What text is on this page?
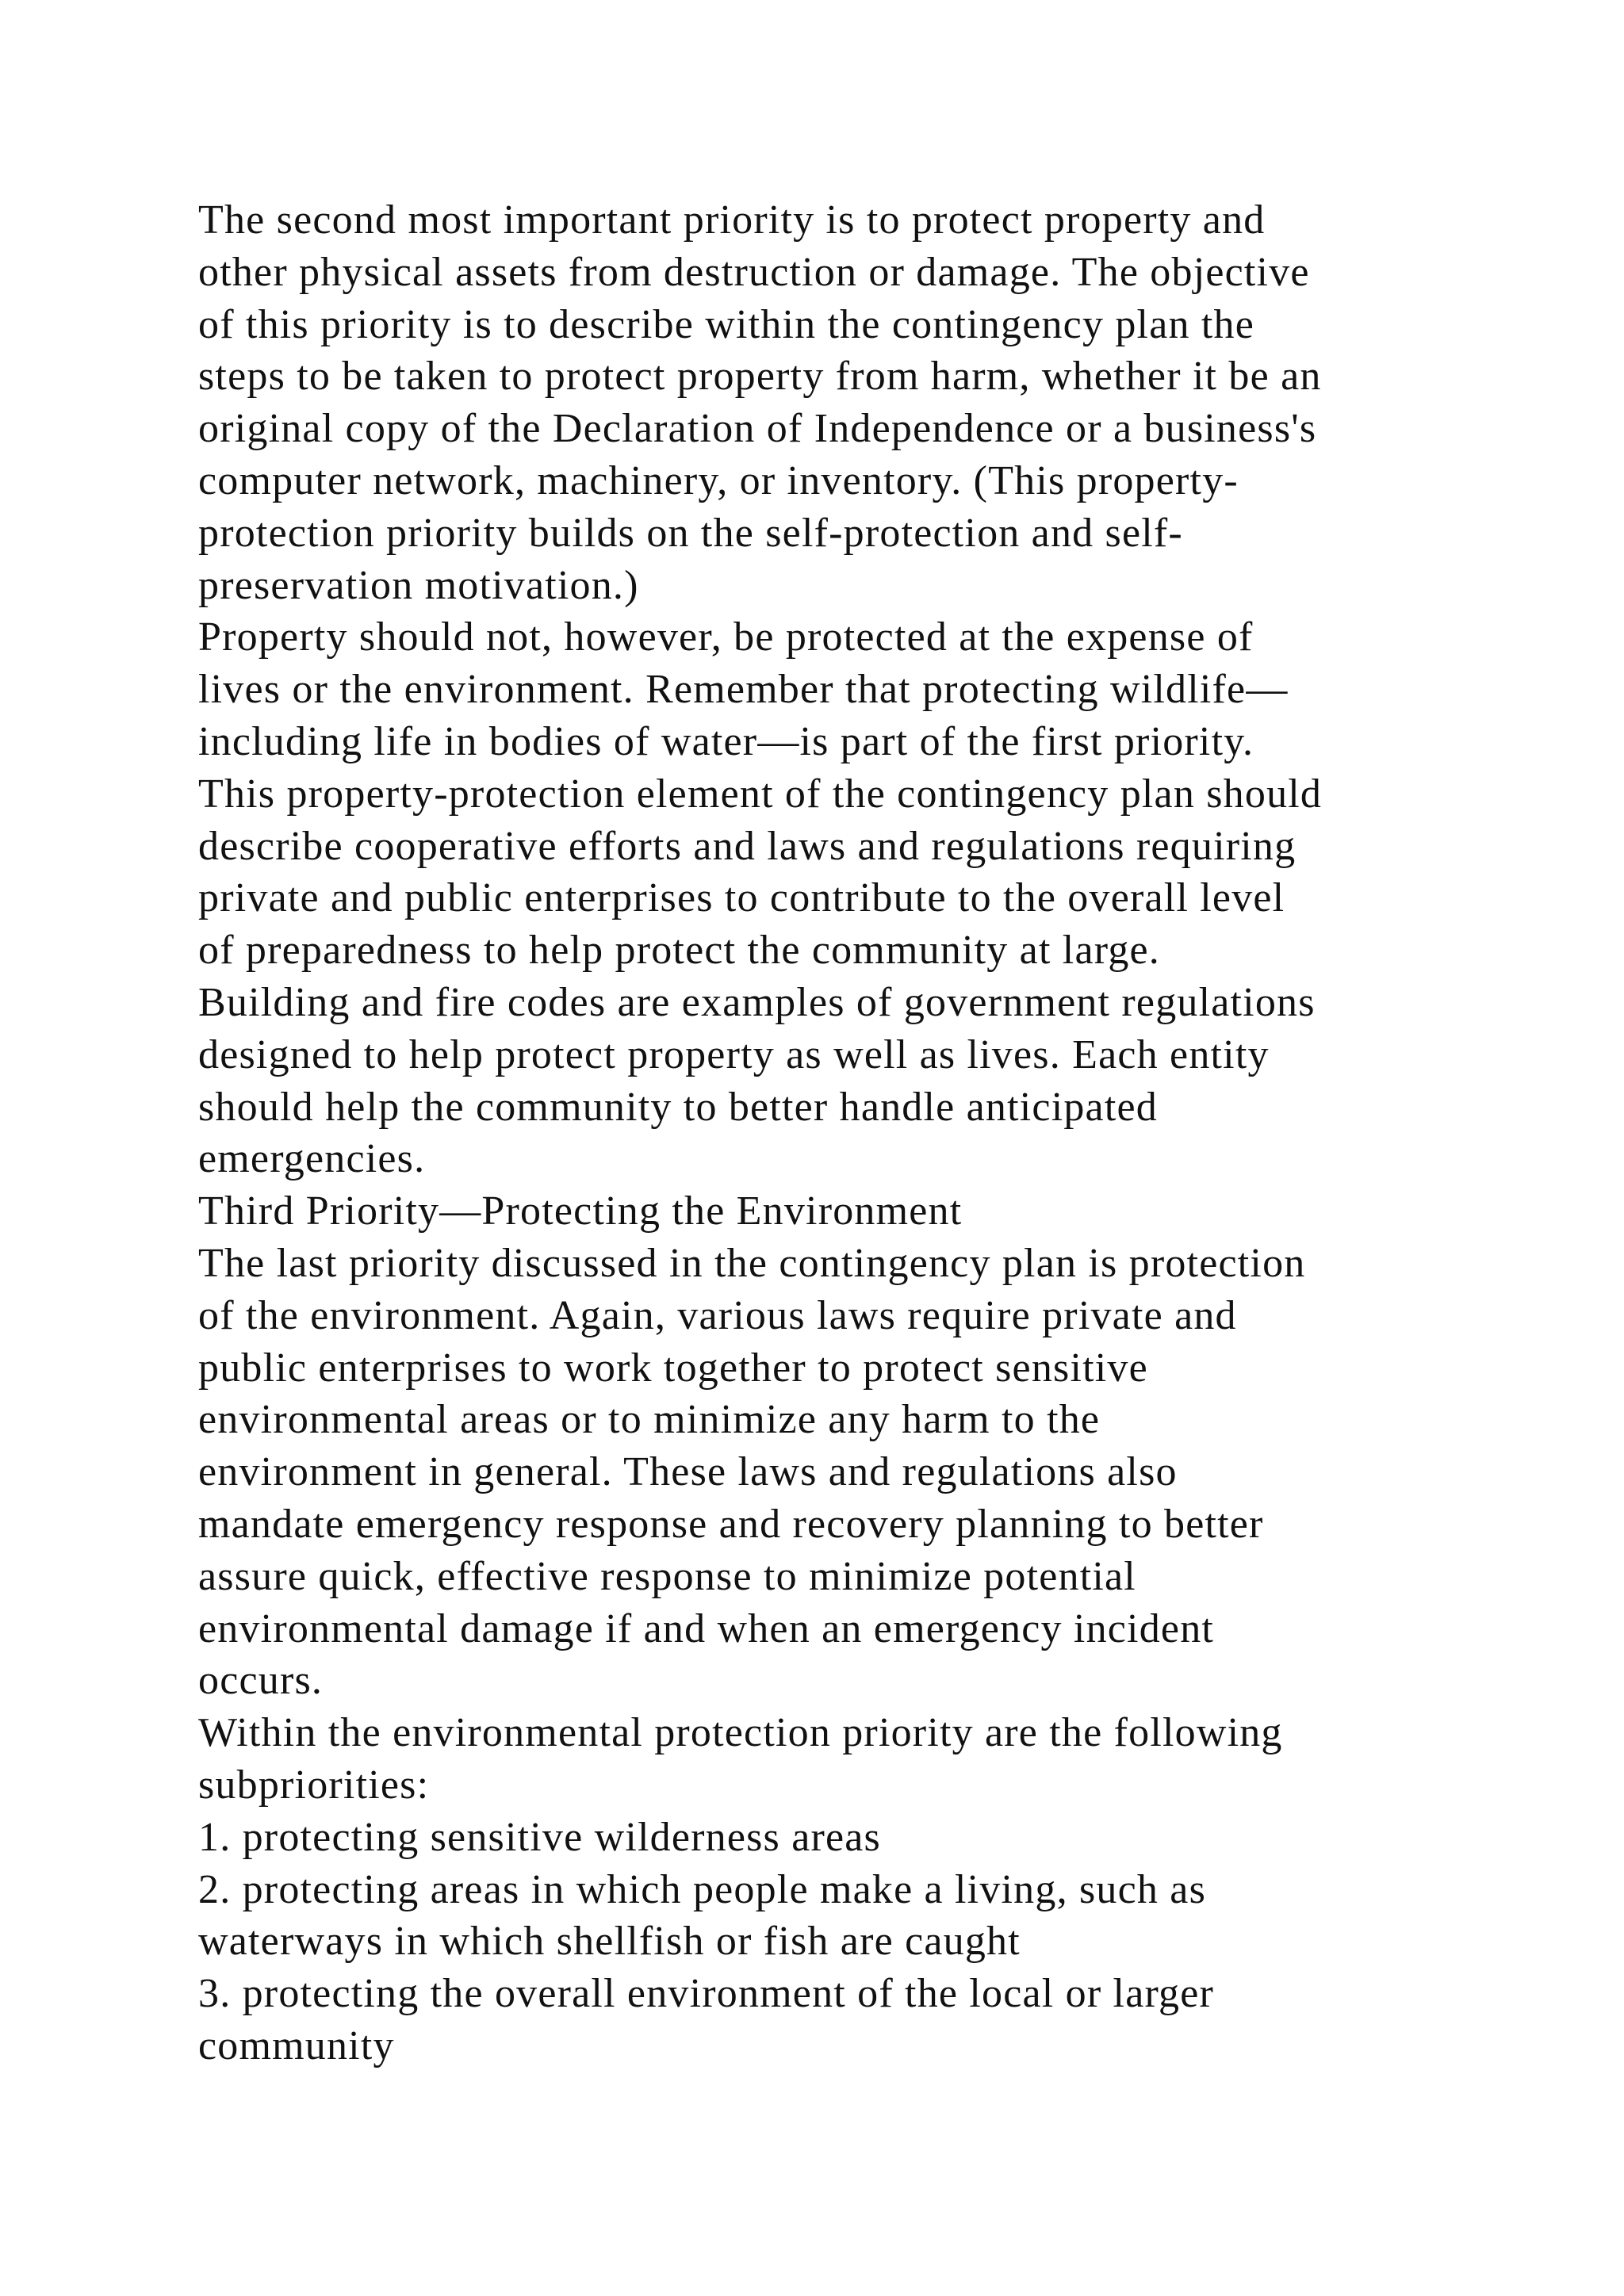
The second most important priority is to protect property and
other physical assets from destruction or damage. The objective
of this priority is to describe within the contingency plan the
steps to be taken to protect property from harm, whether it be an
original copy of the Declaration of Independence or a business's
computer network, machinery, or inventory. (This property-
protection priority builds on the self-protection and self-
preservation motivation.)
Property should not, however, be protected at the expense of
lives or the environment. Remember that protecting wildlife—
including life in bodies of water—is part of the first priority.
This property-protection element of the contingency plan should
describe cooperative efforts and laws and regulations requiring
private and public enterprises to contribute to the overall level
of preparedness to help protect the community at large.
Building and fire codes are examples of government regulations
designed to help protect property as well as lives. Each entity
should help the community to better handle anticipated
emergencies.
Third Priority—Protecting the Environment
The last priority discussed in the contingency plan is protection
of the environment. Again, various laws require private and
public enterprises to work together to protect sensitive
environmental areas or to minimize any harm to the
environment in general. These laws and regulations also
mandate emergency response and recovery planning to better
assure quick, effective response to minimize potential
environmental damage if and when an emergency incident
occurs.
Within the environmental protection priority are the following
subpriorities:
1. protecting sensitive wilderness areas
2. protecting areas in which people make a living, such as
waterways in which shellfish or fish are caught
3. protecting the overall environment of the local or larger
community
